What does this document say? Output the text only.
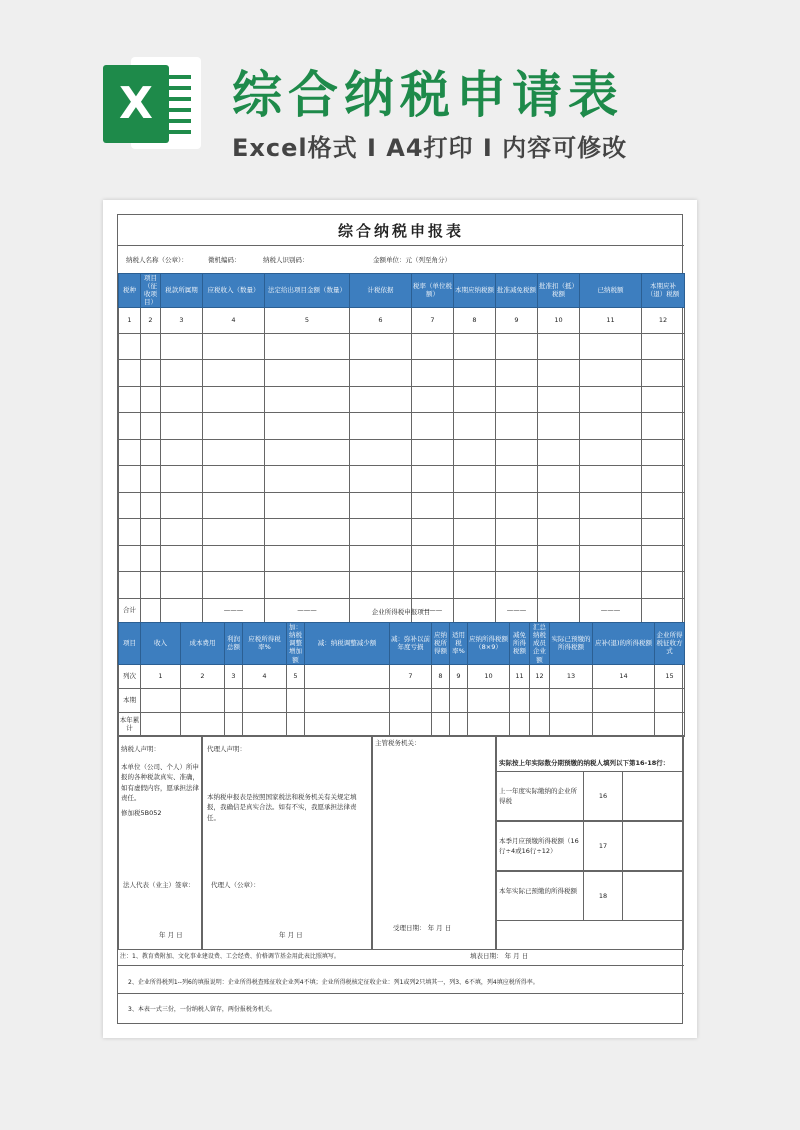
X	综合纳税申请表
Excel格式 I A4打印 I 内容可修改
综合纳税申报表
纳税人名称（公章）：	微机编码：	纳税人识别码：	金额单位：元（列至角分）
税种	项目（征收项目）	税款所属期	应税收入（数量）	法定给出项目金额（数量）	计税依据	税率（单位税额）	本期应纳税额	批准减免税额	批准扣（抵）税额	已纳税额	本期应补（退）税额
1	2	3	4	5	6	7	8	9	10	11	12

合计			———	———		———		———		———	
企业所得税申报项目
项目	收入	成本费用	利润总额	应税所得税率%	加：纳税调整增加额	减：纳税调整减少额	减：弥补以前年度亏损	应纳税所得额	适用税率%	应纳所得税额（8×9）	减免所得税额	汇总纳税成员企业额	实际已预缴的所得税额	应补(退)的所得税额	企业所得税征收方式
列次	1	2	3	4	5		7	8	9	10	11	12	13	14	15
本期															
本年累计															
纳税人声明：
本单位（公司、个人）所申报的各种税款真实、准确，如有虚假内容，愿承担法律责任。
修加税5B052
法人代表（业主）签章：
年 月 日
代理人声明：
本纳税申报表是按照国家税法和税务机关有关规定填报，我确信是真实合法。如有不实，我愿承担法律责任。
代理人（公章）：
年 月 日
主管税务机关：
受理日期： 年 月 日
实际按上年实际数分期预缴的纳税人填列以下第16-18行：
上一年度实际缴纳的企业所得税
16
本季月应预缴所得税额（16行÷4或16行÷12）
17
本年实际已预缴的所得税额
18
注：1、教育费附加、文化事业建设费、工会经费、价格调节基金用此表比照填写。	填表日期： 年 月 日
2、企业所得税列1--列6的填报说明：企业所得税查账征收企业列4不填；企业所得税核定征收企业：列1或列2只填其一，列3、6不填，列4填应税所得率。
3、本表一式三份，一份纳税人留存，两份报税务机关。
